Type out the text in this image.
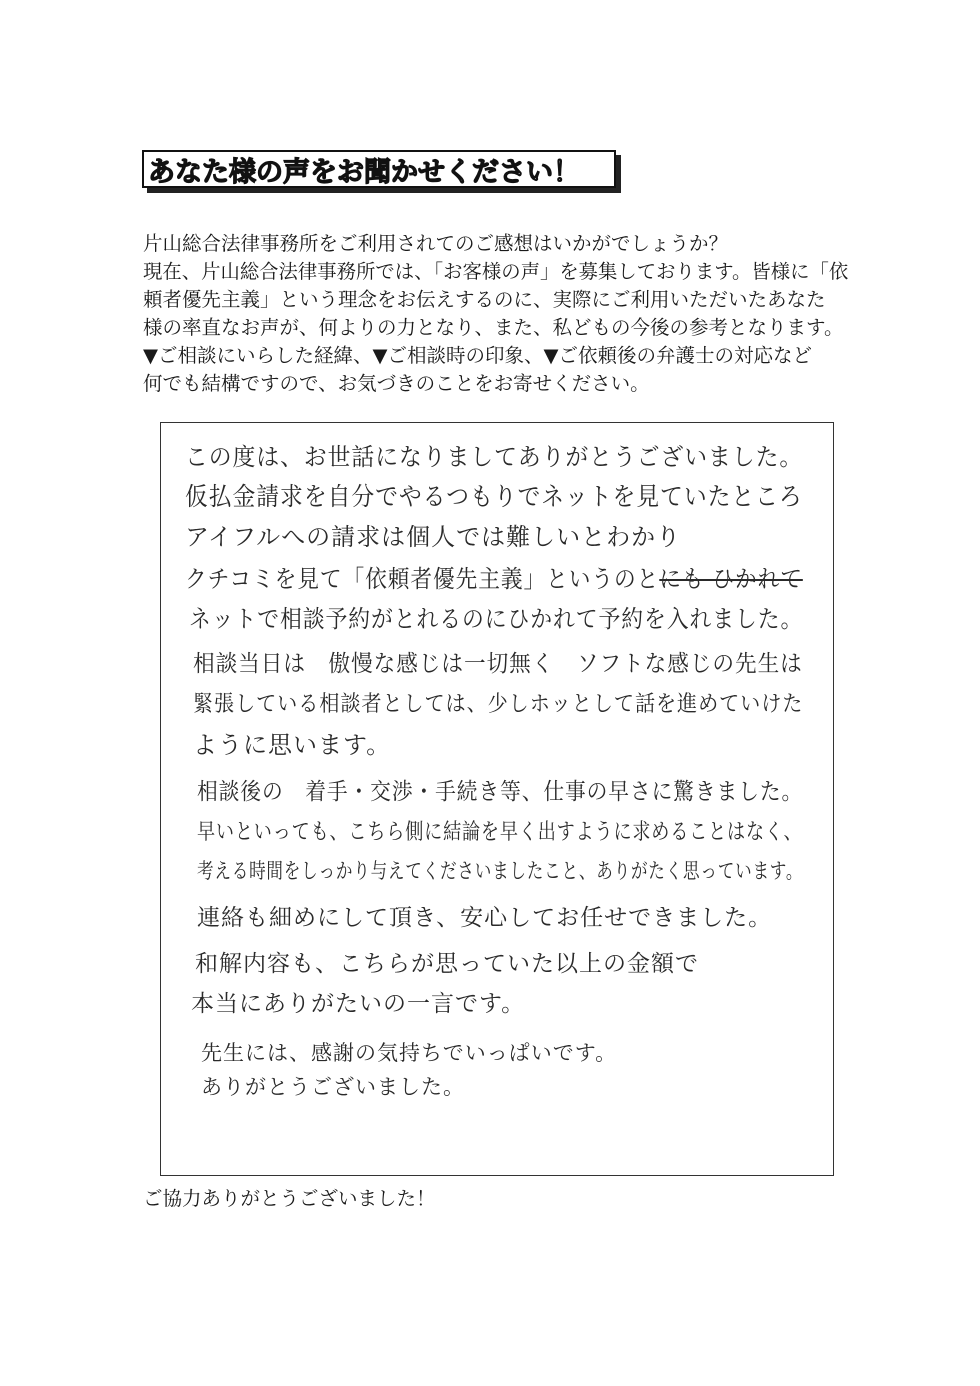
あなた様の声をお聞かせください！
片山総合法律事務所をご利用されてのご感想はいかがでしょうか？
現在、片山総合法律事務所では、「お客様の声」を募集しております。皆様に「依
頼者優先主義」という理念をお伝えするのに、実際にご利用いただいたあなた
様の率直なお声が、何よりの力となり、また、私どもの今後の参考となります。
▼ご相談にいらした経緯、▼ご相談時の印象、▼ご依頼後の弁護士の対応など
何でも結構ですので、お気づきのことをお寄せください。
この度は、お世話になりましてありがとうございました。
仮払金請求を自分でやるつもりでネットを見ていたところ
アイフルへの請求は個人では難しいとわかり
クチコミを見て「依頼者優先主義」というのとにも ひかれて
ネットで相談予約がとれるのにひかれて予約を入れました。
相談当日は　傲慢な感じは一切無く　ソフトな感じの先生は
緊張している相談者としては、少しホッとして話を進めていけた
ように思います。
相談後の　着手・交渉・手続き等、仕事の早さに驚きました。
早いといっても、こちら側に結論を早く出すように求めることはなく、
考える時間をしっかり与えてくださいましたこと、ありがたく思っています。
連絡も細めにして頂き、安心してお任せできました。
和解内容も、こちらが思っていた以上の金額で
本当にありがたいの一言です。
先生には、感謝の気持ちでいっぱいです。
ありがとうございました。
ご協力ありがとうございました！
